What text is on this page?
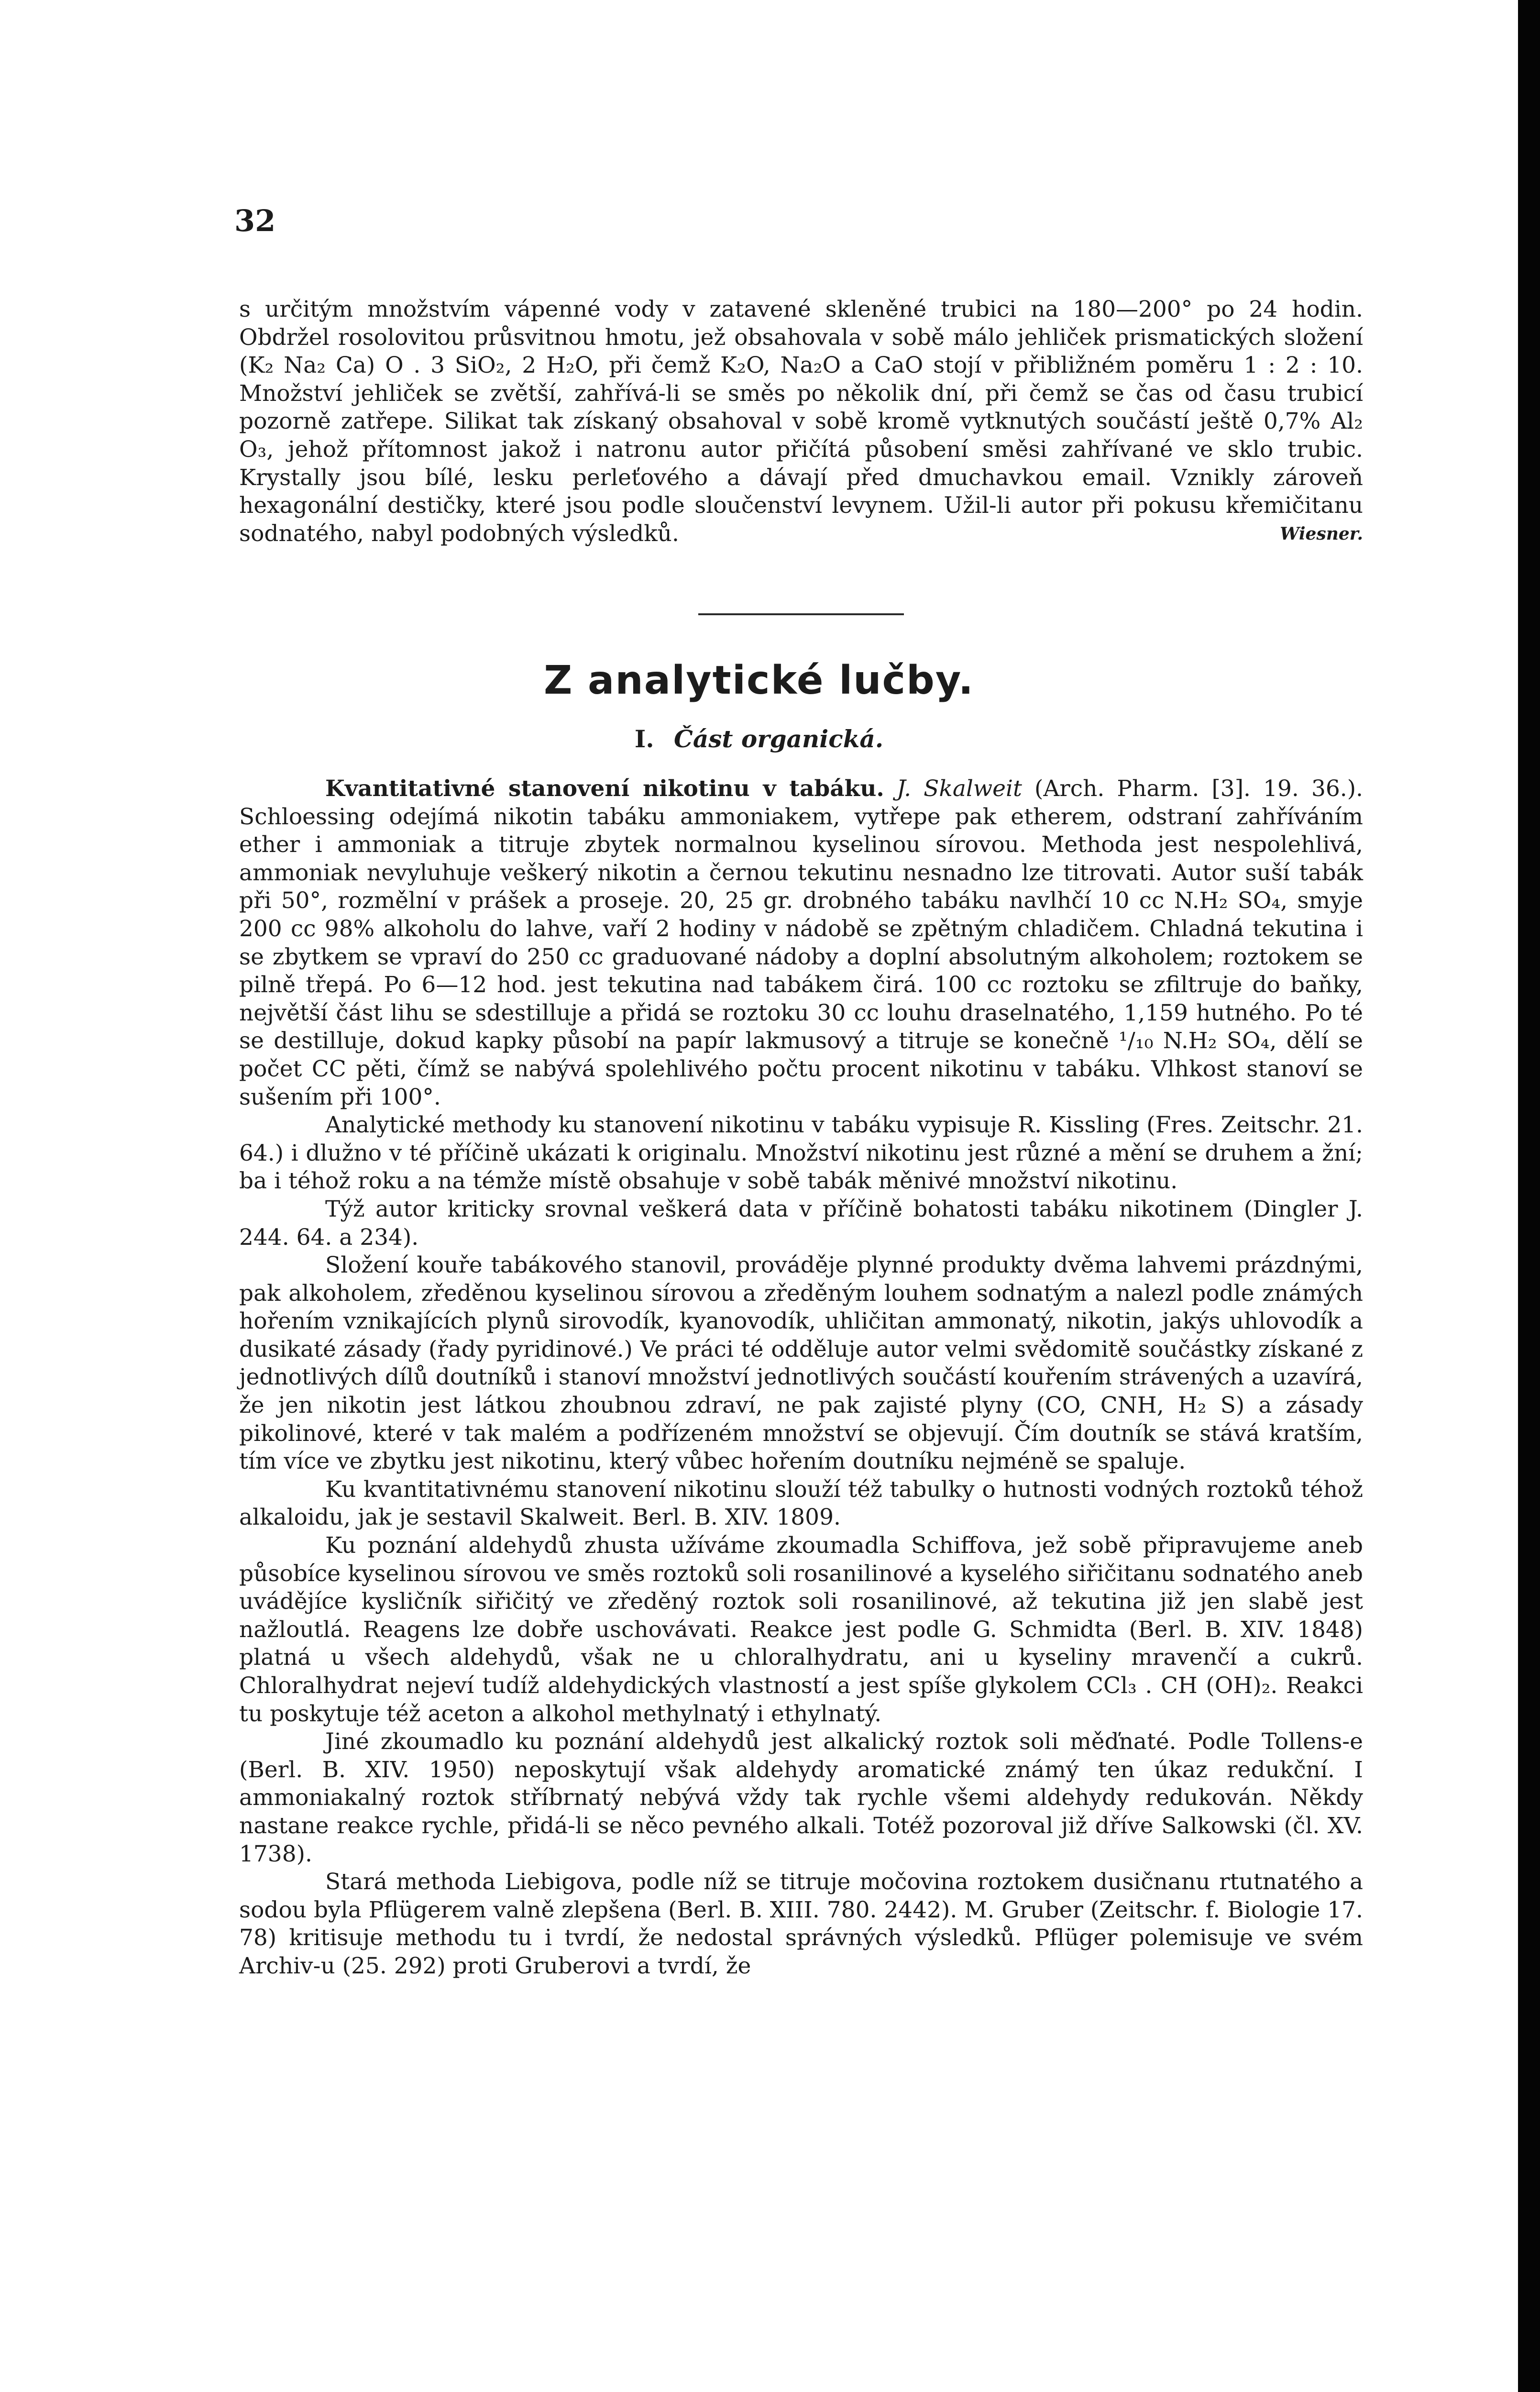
32

s určitým množstvím vápenné vody v zatavené skleněné trubici na 180—200° po 24 hodin. Obdržel rosolovitou průsvitnou hmotu, jež obsahovala v sobě málo jehliček prismatických složení (K₂ Na₂ Ca) O . 3 SiO₂, 2 H₂O, při čemž K₂O, Na₂O a CaO stojí v přibližném poměru 1 : 2 : 10. Množství jehliček se zvětší, zahřívá-li se směs po několik dní, při čemž se čas od času trubicí pozorně zatřepe. Silikat tak získaný obsahoval v sobě kromě vytknutých součástí ještě 0,7% Al₂ O₃, jehož přítomnost jakož i natronu autor přičítá působení směsi zahřívané ve sklo trubic. Krystally jsou bílé, lesku perleťového a dávají před dmuchavkou email. Vznikly zároveň hexagonální destičky, které jsou podle sloučenství levynem. Užil-li autor při pokusu křemičitanu sodnatého, nabyl podobných výsledků.	Wiesner.

Z analytické lučby.
I. Část organická.

Kvantitativné stanovení nikotinu v tabáku. J. Skalweit (Arch. Pharm. [3]. 19. 36.). Schloessing odejímá nikotin tabáku ammoniakem, vytřepe pak etherem, odstraní zahříváním ether i ammoniak a titruje zbytek normalnou kyselinou sírovou. Methoda jest nespolehlivá, ammoniak nevyluhuje veškerý nikotin a černou tekutinu nesnadno lze titrovati. Autor suší tabák při 50°, rozmělní v prášek a proseje. 20, 25 gr. drobného tabáku navlhčí 10 cc N.H₂ SO₄, smyje 200 cc 98% alkoholu do lahve, vaří 2 hodiny v nádobě se zpětným chladičem. Chladná tekutina i se zbytkem se vpraví do 250 cc graduované nádoby a doplní absolutným alkoholem; roztokem se pilně třepá. Po 6—12 hod. jest tekutina nad tabákem čirá. 100 cc roztoku se zfiltruje do baňky, největší část lihu se sdestilluje a přidá se roztoku 30 cc louhu draselnatého, 1,159 hutného. Po té se destilluje, dokud kapky působí na papír lakmusový a titruje se konečně ¹/₁₀ N.H₂ SO₄, dělí se počet CC pěti, čímž se nabývá spolehlivého počtu procent nikotinu v tabáku. Vlhkost stanoví se sušením při 100°.

Analytické methody ku stanovení nikotinu v tabáku vypisuje R. Kissling (Fres. Zeitschr. 21. 64.) i dlužno v té příčině ukázati k originalu. Množství nikotinu jest různé a mění se druhem a žní; ba i téhož roku a na témže místě obsahuje v sobě tabák měnivé množství nikotinu.

Týž autor kriticky srovnal veškerá data v příčině bohatosti tabáku nikotinem (Dingler J. 244. 64. a 234).

Složení kouře tabákového stanovil, prováděje plynné produkty dvěma lahvemi prázdnými, pak alkoholem, zředěnou kyselinou sírovou a zředěným louhem sodnatým a nalezl podle známých hořením vznikajících plynů sirovodík, kyanovodík, uhličitan ammonatý, nikotin, jakýs uhlovodík a dusikaté zásady (řady pyridinové.) Ve práci té odděluje autor velmi svědomitě součástky získané z jednotlivých dílů doutníků i stanoví množství jednotlivých součástí kouřením strávených a uzavírá, že jen nikotin jest látkou zhoubnou zdraví, ne pak zajisté plyny (CO, CNH, H₂ S) a zásady pikolinové, které v tak malém a podřízeném množství se objevují. Čím doutník se stává kratším, tím více ve zbytku jest nikotinu, který vůbec hořením doutníku nejméně se spaluje.

Ku kvantitativnému stanovení nikotinu slouží též tabulky o hutnosti vodných roztoků téhož alkaloidu, jak je sestavil Skalweit. Berl. B. XIV. 1809.

Ku poznání aldehydů zhusta užíváme zkoumadla Schiffova, jež sobě připravujeme aneb působíce kyselinou sírovou ve směs roztoků soli rosanilinové a kyselého siřičitanu sodnatého aneb uvádějíce kysličník siřičitý ve zředěný roztok soli rosanilinové, až tekutina již jen slabě jest nažloutlá. Reagens lze dobře uschovávati. Reakce jest podle G. Schmidta (Berl. B. XIV. 1848) platná u všech aldehydů, však ne u chloralhydratu, ani u kyseliny mravenčí a cukrů. Chloralhydrat nejeví tudíž aldehydických vlastností a jest spíše glykolem CCl₃ . CH (OH)₂. Reakci tu poskytuje též aceton a alkohol methylnatý i ethylnatý.

Jiné zkoumadlo ku poznání aldehydů jest alkalický roztok soli měďnaté. Podle Tollens-e (Berl. B. XIV. 1950) neposkytují však aldehydy aromatické známý ten úkaz redukční. I ammoniakalný roztok stříbrnatý nebývá vždy tak rychle všemi aldehydy redukován. Někdy nastane reakce rychle, přidá-li se něco pevného alkali. Totéž pozoroval již dříve Salkowski (čl. XV. 1738).

Stará methoda Liebigova, podle níž se titruje močovina roztokem dusičnanu rtutnatého a sodou byla Pflügerem valně zlepšena (Berl. B. XIII. 780. 2442). M. Gruber (Zeitschr. f. Biologie 17. 78) kritisuje methodu tu i tvrdí, že nedostal správných výsledků. Pflüger polemisuje ve svém Archiv-u (25. 292) proti Gruberovi a tvrdí, že
